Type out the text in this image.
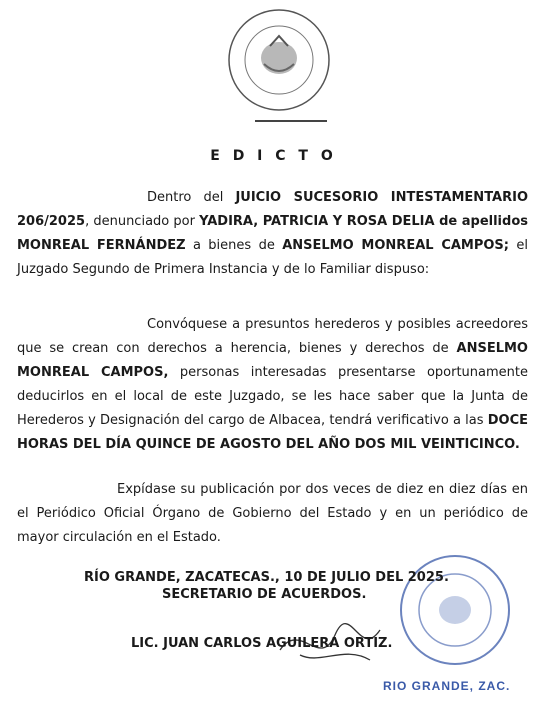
E D I C T O
Dentro del JUICIO SUCESORIO INTESTAMENTARIO 206/2025, denunciado por YADIRA, PATRICIA Y ROSA DELIA de apellidos MONREAL FERNÁNDEZ a bienes de ANSELMO MONREAL CAMPOS; el Juzgado Segundo de Primera Instancia y de lo Familiar dispuso:
Convóquese a presuntos herederos y posibles acreedores que se crean con derechos a herencia, bienes y derechos de ANSELMO MONREAL CAMPOS, personas interesadas presentarse oportunamente deducirlos en el local de este Juzgado, se les hace saber que la Junta de Herederos y Designación del cargo de Albacea, tendrá verificativo a las DOCE HORAS DEL DÍA QUINCE DE AGOSTO DEL AÑO DOS MIL VEINTICINCO.
Expídase su publicación por dos veces de diez en diez días en el Periódico Oficial Órgano de Gobierno del Estado y en un periódico de mayor circulación en el Estado.
RÍO GRANDE, ZACATECAS., 10 DE JULIO DEL 2025.
SECRETARIO DE ACUERDOS.
LIC. JUAN CARLOS AGUILERA ORTIZ.
RIO GRANDE, ZAC.
